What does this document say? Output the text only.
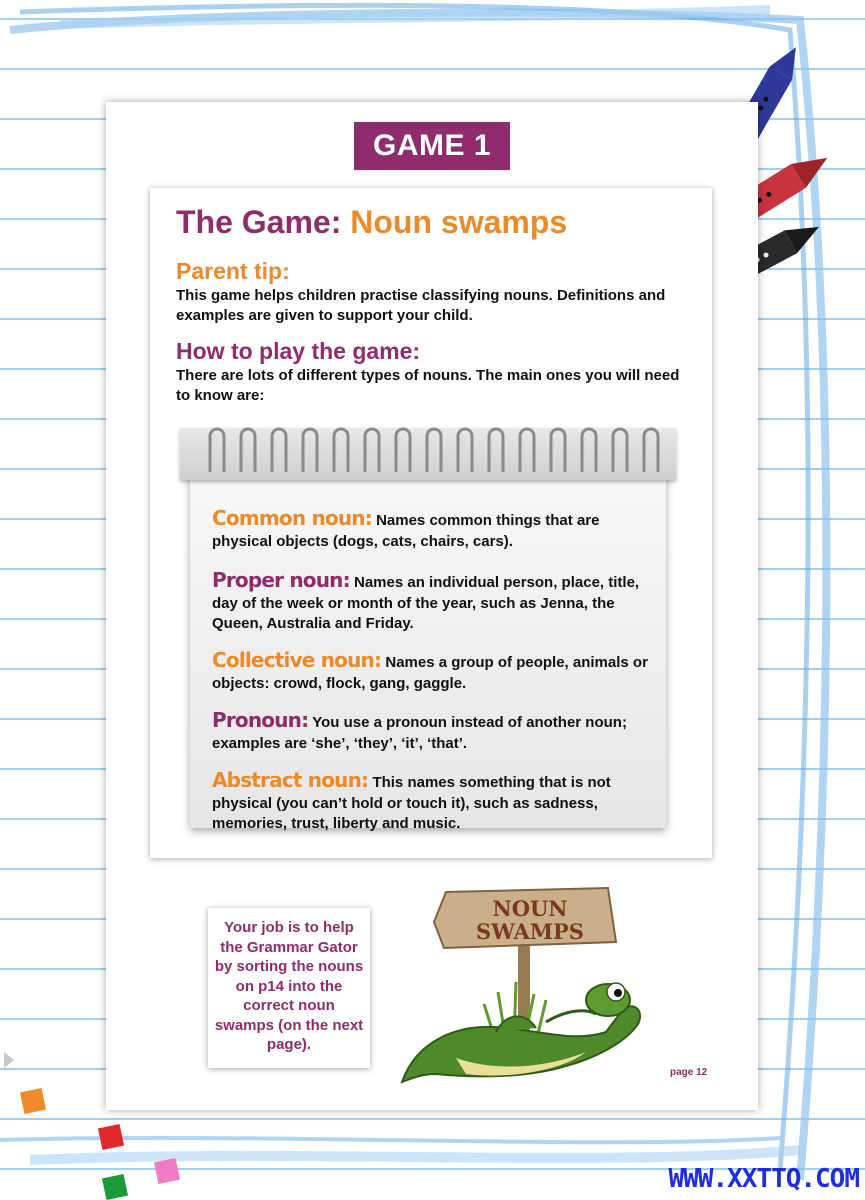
GAME 1
The Game: Noun swamps
Parent tip:
This game helps children practise classifying nouns. Definitions and examples are given to support your child.
How to play the game:
There are lots of different types of nouns. The main ones you will need to know are:
Common noun: Names common things that are physical objects (dogs, cats, chairs, cars).
Proper noun: Names an individual person, place, title, day of the week or month of the year, such as Jenna, the Queen, Australia and Friday.
Collective noun: Names a group of people, animals or objects: crowd, flock, gang, gaggle.
Pronoun: You use a pronoun instead of another noun; examples are ‘she’, ‘they’, ‘it’, ‘that’.
Abstract noun: This names something that is not physical (you can’t hold or touch it), such as sadness, memories, trust, liberty and music.
Your job is to help the Grammar Gator by sorting the nouns on p14 into the correct noun swamps (on the next page).
NOUN
SWAMPS
page 12
WWW.XXTTQ.COM
